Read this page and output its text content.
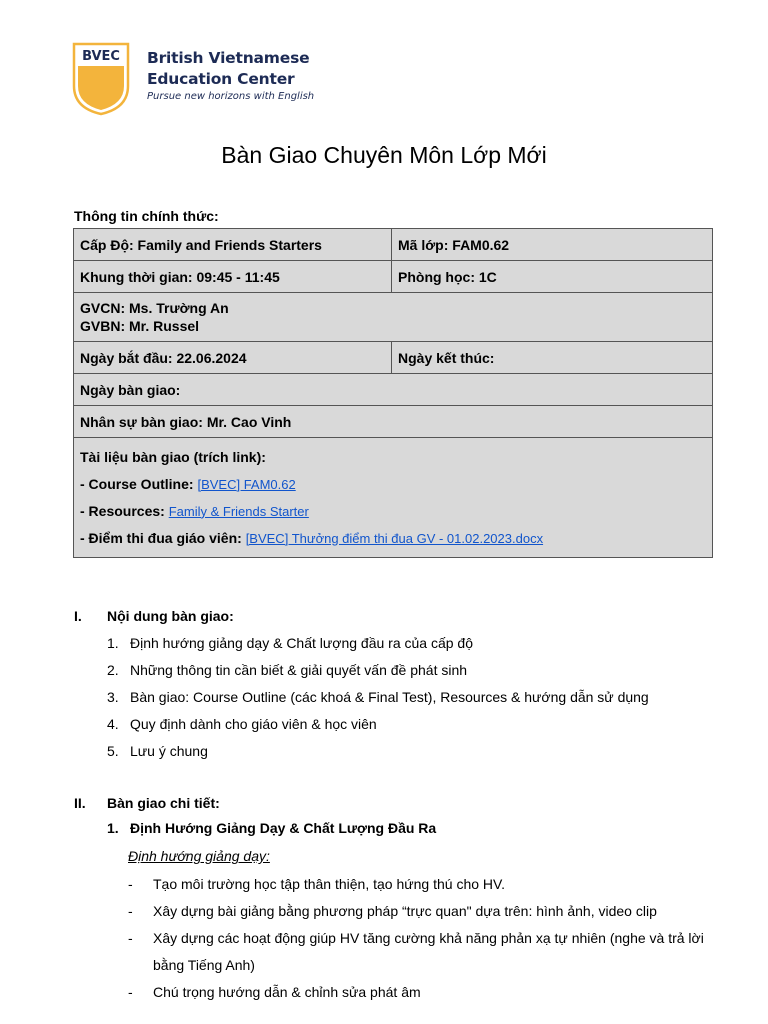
BVEC British Vietnamese
Education Center
Pursue new horizons with English
Bàn Giao Chuyên Môn Lớp Mới
Thông tin chính thức:
Cấp Độ: Family and Friends Starters	Mã lớp: FAM0.62
Khung thời gian: 09:45 - 11:45	Phòng học: 1C

GVCN: Ms. Trường An
GVBN: Mr. Russel	

Ngày bắt đầu: 22.06.2024	Ngày kết thúc:
Ngày bàn giao:	
Nhân sự bàn giao: Mr. Cao Vinh	

Tài liệu bàn giao (trích link):
- Course Outline: [BVEC] FAM0.62
- Resources: Family & Friends Starter
- Điểm thi đua giáo viên: [BVEC] Thưởng điểm thi đua GV - 01.02.2023.docx	
I. Nội dung bàn giao:
1. Định hướng giảng dạy & Chất lượng đầu ra của cấp độ
2. Những thông tin cần biết & giải quyết vấn đề phát sinh
3. Bàn giao: Course Outline (các khoá & Final Test), Resources & hướng dẫn sử dụng
4. Quy định dành cho giáo viên & học viên
5. Lưu ý chung
II. Bàn giao chi tiết:
1. Định Hướng Giảng Dạy & Chất Lượng Đầu Ra
Định hướng giảng dạy:
- Tạo môi trường học tập thân thiện, tạo hứng thú cho HV.
- Xây dựng bài giảng bằng phương pháp “trực quan" dựa trên: hình ảnh, video clip
- Xây dựng các hoạt động giúp HV tăng cường khả năng phản xạ tự nhiên (nghe và trả lời bằng Tiếng Anh)
- Chú trọng hướng dẫn & chỉnh sửa phát âm
